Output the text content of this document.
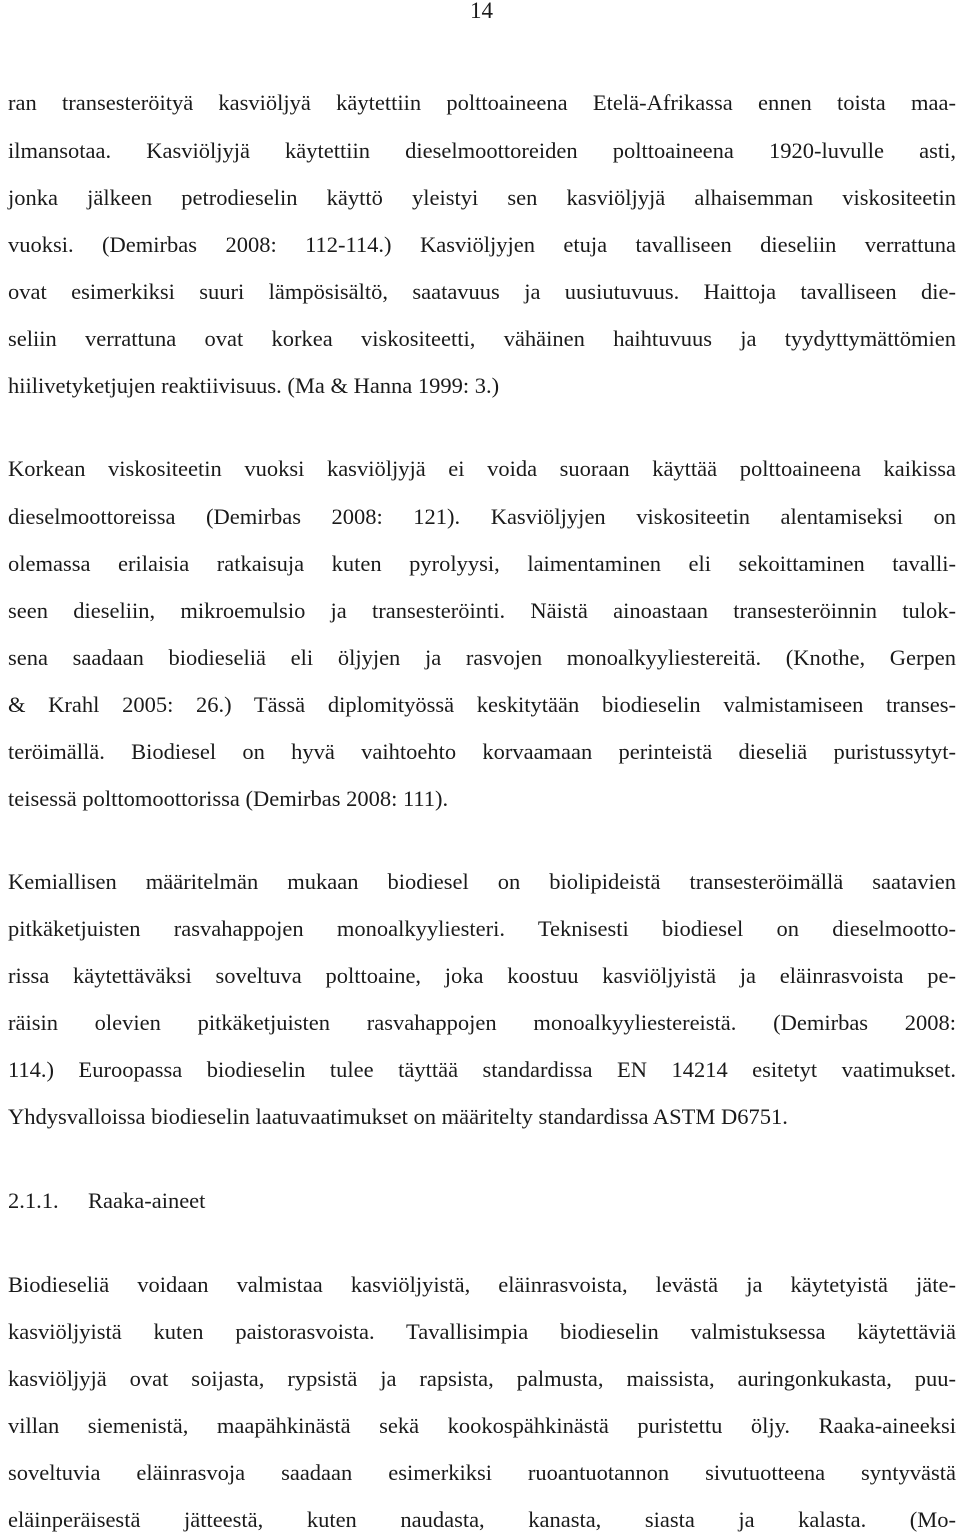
14
ran transesteröityä kasviöljyä käytettiin polttoaineena Etelä-Afrikassa ennen toista maa-
ilmansotaa. Kasviöljyjä käytettiin dieselmoottoreiden polttoaineena 1920-luvulle asti,
jonka jälkeen petrodieselin käyttö yleistyi sen kasviöljyjä alhaisemman viskositeetin
vuoksi. (Demirbas 2008: 112-114.) Kasviöljyjen etuja tavalliseen dieseliin verrattuna
ovat esimerkiksi suuri lämpösisältö, saatavuus ja uusiutuvuus. Haittoja tavalliseen die-
seliin verrattuna ovat korkea viskositeetti, vähäinen haihtuvuus ja tyydyttymättömien
hiilivetyketjujen reaktiivisuus. (Ma & Hanna 1999: 3.)
Korkean viskositeetin vuoksi kasviöljyjä ei voida suoraan käyttää polttoaineena kaikissa
dieselmoottoreissa (Demirbas 2008: 121). Kasviöljyjen viskositeetin alentamiseksi on
olemassa erilaisia ratkaisuja kuten pyrolyysi, laimentaminen eli sekoittaminen tavalli-
seen dieseliin, mikroemulsio ja transesteröinti. Näistä ainoastaan transesteröinnin tulok-
sena saadaan biodieseliä eli öljyjen ja rasvojen monoalkyyliestereitä. (Knothe, Gerpen
& Krahl 2005: 26.) Tässä diplomityössä keskitytään biodieselin valmistamiseen transes-
teröimällä. Biodiesel on hyvä vaihtoehto korvaamaan perinteistä dieseliä puristussytyt-
teisessä polttomoottorissa (Demirbas 2008: 111).
Kemiallisen määritelmän mukaan biodiesel on biolipideistä transesteröimällä saatavien
pitkäketjuisten rasvahappojen monoalkyyliesteri. Teknisesti biodiesel on dieselmootto-
rissa käytettäväksi soveltuva polttoaine, joka koostuu kasviöljyistä ja eläinrasvoista pe-
räisin olevien pitkäketjuisten rasvahappojen monoalkyyliestereistä. (Demirbas 2008:
114.) Euroopassa biodieselin tulee täyttää standardissa EN 14214 esitetyt vaatimukset.
Yhdysvalloissa biodieselin laatuvaatimukset on määritelty standardissa ASTM D6751.
2.1.1. Raaka-aineet
Biodieseliä voidaan valmistaa kasviöljyistä, eläinrasvoista, levästä ja käytetyistä jäte-
kasviöljyistä kuten paistorasvoista. Tavallisimpia biodieselin valmistuksessa käytettäviä
kasviöljyjä ovat soijasta, rypsistä ja rapsista, palmusta, maissista, auringonkukasta, puu-
villan siemenistä, maapähkinästä sekä kookospähkinästä puristettu öljy. Raaka-aineeksi
soveltuvia eläinrasvoja saadaan esimerkiksi ruoantuotannon sivutuotteena syntyvästä
eläinperäisestä jätteestä, kuten naudasta, kanasta, siasta ja kalasta. (Mo-
